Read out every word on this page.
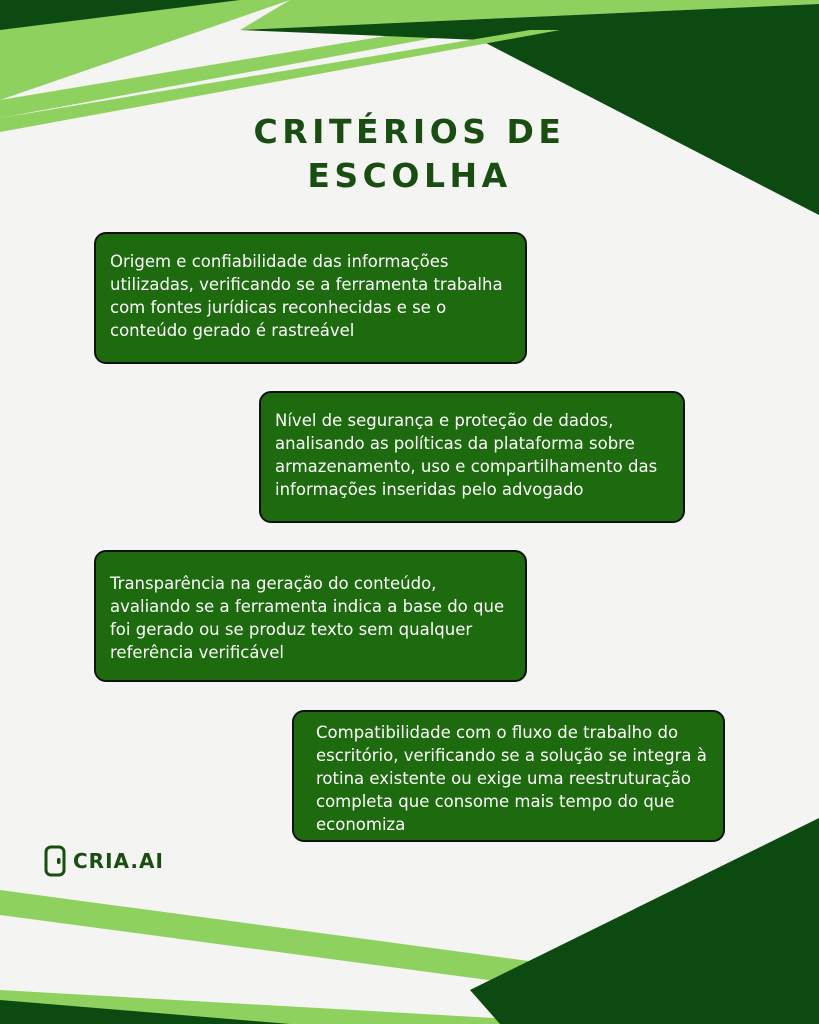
CRITÉRIOS DE
ESCOLHA
Origem e confiabilidade das informações utilizadas, verificando se a ferramenta trabalha com fontes jurídicas reconhecidas e se o conteúdo gerado é rastreável
Nível de segurança e proteção de dados, analisando as políticas da plataforma sobre armazenamento, uso e compartilhamento das informações inseridas pelo advogado
Transparência na geração do conteúdo, avaliando se a ferramenta indica a base do que foi gerado ou se produz texto sem qualquer referência verificável
Compatibilidade com o fluxo de trabalho do escritório, verificando se a solução se integra à rotina existente ou exige uma reestruturação completa que consome mais tempo do que economiza
CRIA.AI
